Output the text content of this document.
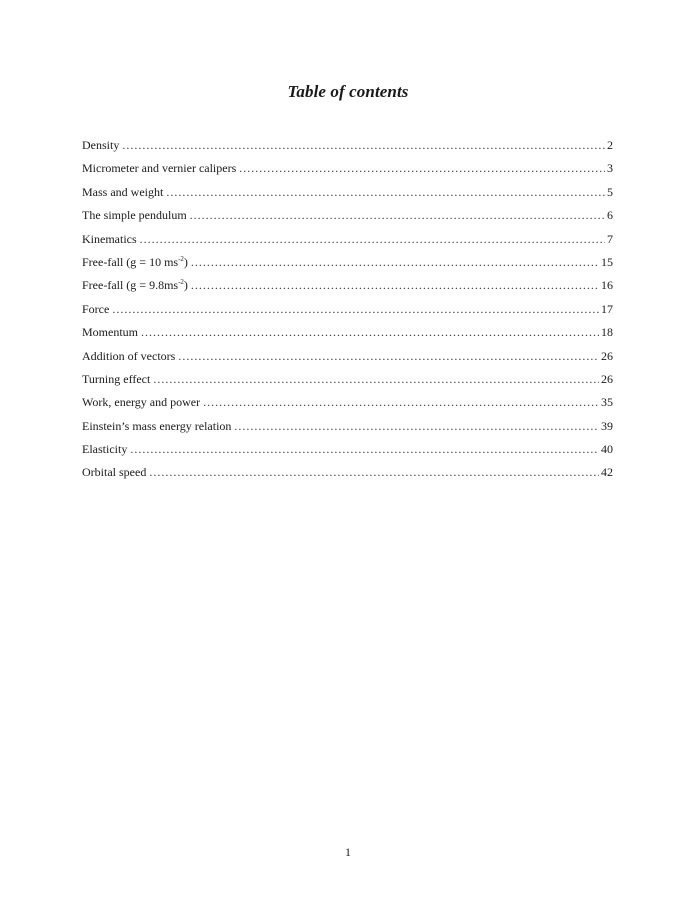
Table of contents
Density .....	2
Micrometer and vernier calipers .....	3
Mass and weight .....	5
The simple pendulum .....	6
Kinematics .....	7
Free-fall (g = 10 $ms^{-2}$) .....	15
Free-fall $(g = 9.8ms^{-2})$ .....	16
Force .....	17
Momentum .....	18
Addition of vectors .....	26
Turning effect .....	26
Work, energy and power .....	35
Einstein’s mass energy relation .....	39
Elasticity .....	40
Orbital speed .....	42
1
